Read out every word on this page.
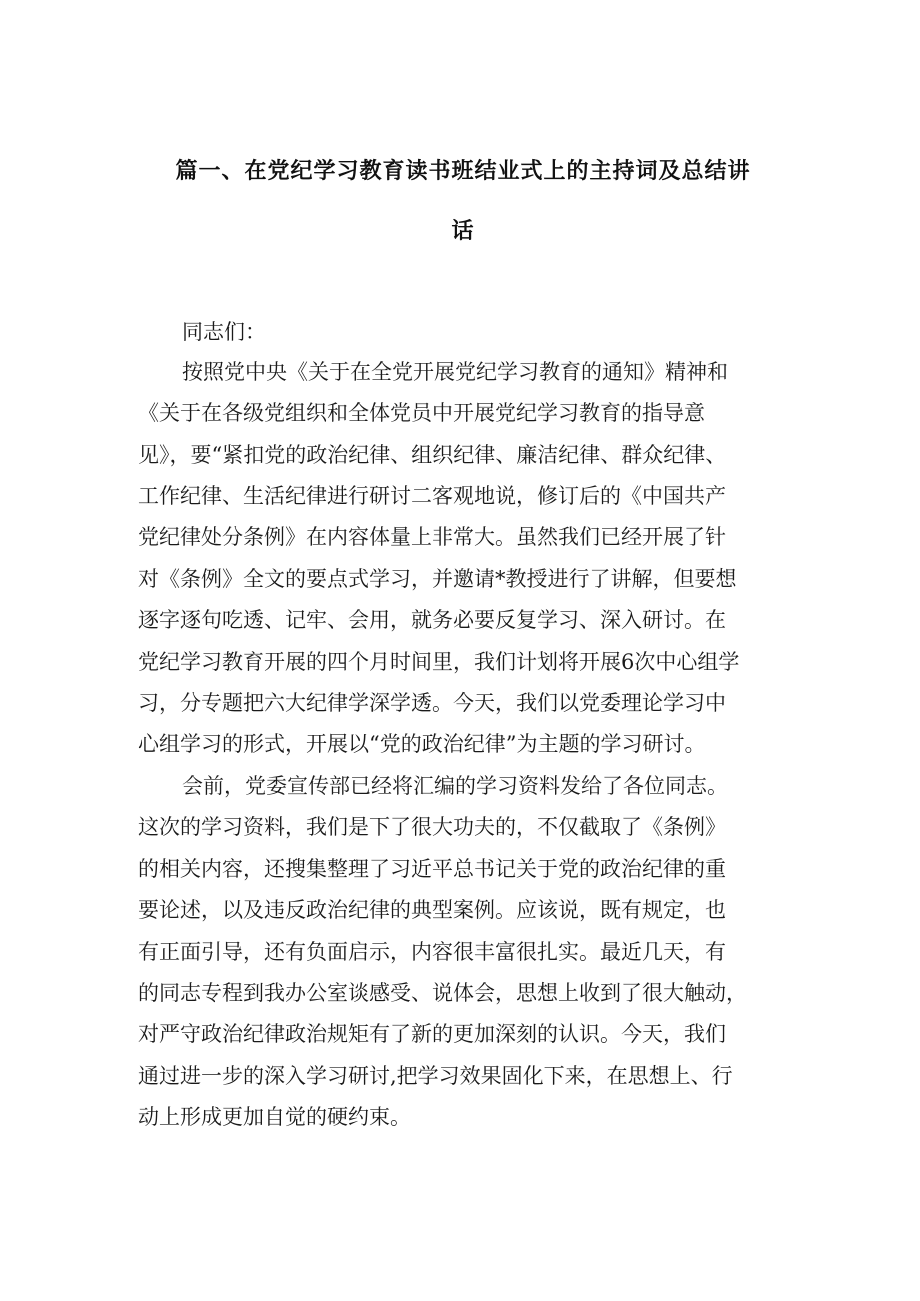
篇一、在党纪学习教育读书班结业式上的主持词及总结讲
话
同志们：
按照党中央《关于在全党开展党纪学习教育的通知》精神和
《关于在各级党组织和全体党员中开展党纪学习教育的指导意
见》，要“紧扣党的政治纪律、组织纪律、廉洁纪律、群众纪律、
工作纪律、生活纪律进行研讨二客观地说，修订后的《中国共产
党纪律处分条例》在内容体量上非常大。虽然我们已经开展了针
对《条例》全文的要点式学习，并邀请*教授进行了讲解，但要想
逐字逐句吃透、记牢、会用，就务必要反复学习、深入研讨。在
党纪学习教育开展的四个月时间里，我们计划将开展6次中心组学
习，分专题把六大纪律学深学透。今天，我们以党委理论学习中
心组学习的形式，开展以“党的政治纪律”为主题的学习研讨。
会前，党委宣传部已经将汇编的学习资料发给了各位同志。
这次的学习资料，我们是下了很大功夫的，不仅截取了《条例》
的相关内容，还搜集整理了习近平总书记关于党的政治纪律的重
要论述，以及违反政治纪律的典型案例。应该说，既有规定，也
有正面引导，还有负面启示，内容很丰富很扎实。最近几天，有
的同志专程到我办公室谈感受、说体会，思想上收到了很大触动，
对严守政治纪律政治规矩有了新的更加深刻的认识。今天，我们
通过进一步的深入学习研讨,把学习效果固化下来，在思想上、行
动上形成更加自觉的硬约束。
